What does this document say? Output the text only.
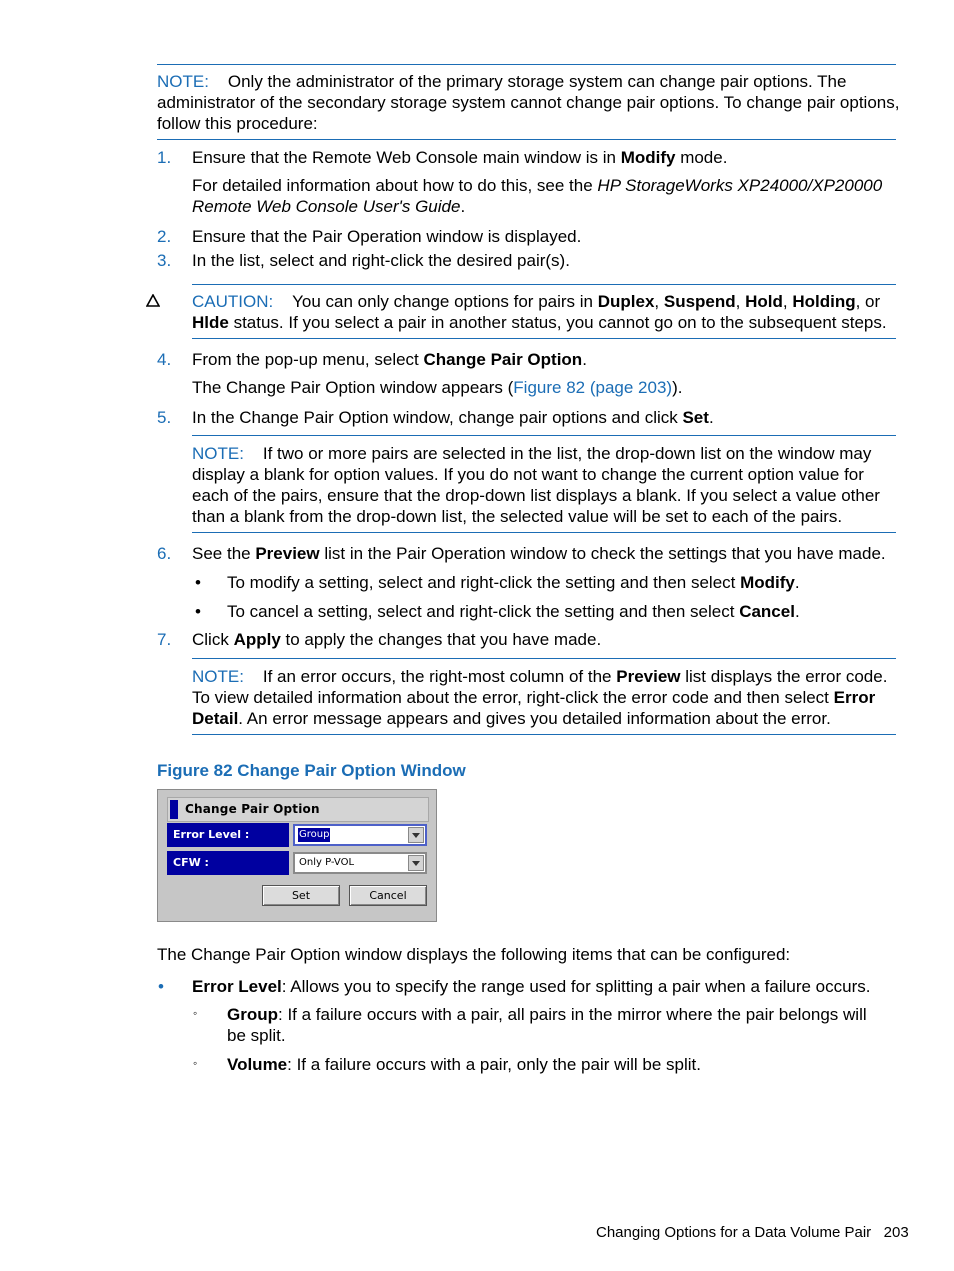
NOTE: Only the administrator of the primary storage system can change pair options. The
administrator of the secondary storage system cannot change pair options. To change pair options,
follow this procedure:
1.	Ensure that the Remote Web Console main window is in Modify mode.
For detailed information about how to do this, see the HP StorageWorks XP24000/XP20000
Remote Web Console User's Guide.
2.	Ensure that the Pair Operation window is displayed.
3.	In the list, select and right-click the desired pair(s).
CAUTION: You can only change options for pairs in Duplex, Suspend, Hold, Holding, or
Hlde status. If you select a pair in another status, you cannot go on to the subsequent steps.
4.	From the pop-up menu, select Change Pair Option.
The Change Pair Option window appears (Figure 82 (page 203)).
5.	In the Change Pair Option window, change pair options and click Set.
NOTE: If two or more pairs are selected in the list, the drop-down list on the window may
display a blank for option values. If you do not want to change the current option value for
each of the pairs, ensure that the drop-down list displays a blank. If you select a value other
than a blank from the drop-down list, the selected value will be set to each of the pairs.
6.	See the Preview list in the Pair Operation window to check the settings that you have made.
• To modify a setting, select and right-click the setting and then select Modify.
• To cancel a setting, select and right-click the setting and then select Cancel.
7.	Click Apply to apply the changes that you have made.
NOTE: If an error occurs, the right-most column of the Preview list displays the error code.
To view detailed information about the error, right-click the error code and then select Error
Detail. An error message appears and gives you detailed information about the error.
Figure 82 Change Pair Option Window
Change Pair Option
Error Level :	Group
CFW :	Only P-VOL
Set	Cancel
The Change Pair Option window displays the following items that can be configured:
• Error Level: Allows you to specify the range used for splitting a pair when a failure occurs.
◦ Group: If a failure occurs with a pair, all pairs in the mirror where the pair belongs will
be split.
◦ Volume: If a failure occurs with a pair, only the pair will be split.
Changing Options for a Data Volume Pair 203
